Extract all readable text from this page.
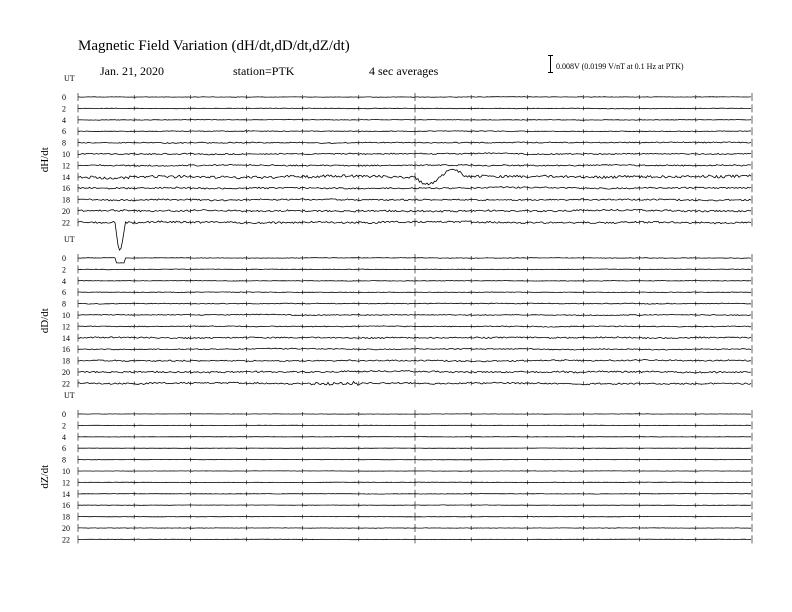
Magnetic Field Variation (dH/dt,dD/dt,dZ/dt)
Jan. 21, 2020	station=PTK	4 sec averages	0.008V (0.0199 V/nT at 0.1 Hz at PTK)
UT
dH/dt
0
2
4
6
8
10
12
14
16
18
20
22
UT
dD/dt
0
2
4
6
8
10
12
14
16
18
20
22
UT
dZ/dt
0
2
4
6
8
10
12
14
16
18
20
22
